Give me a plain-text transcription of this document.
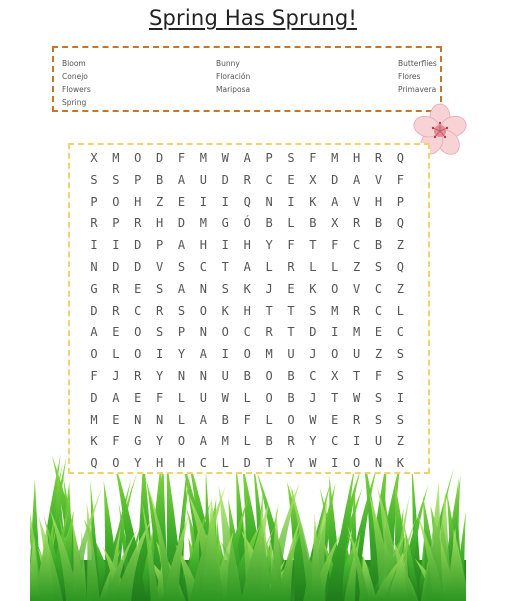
Spring Has Sprung!
Bloom
Conejo
Flowers
Spring
Bunny
Floración
Mariposa
Butterflies
Flores
Primavera
X	M	O	D	F	M	W	A	P	S	F	M	H	R	Q
S	S	P	B	A	U	D	R	C	E	X	D	A	V	F
P	O	H	Z	E	I	I	Q	N	I	K	A	V	H	P
R	P	R	H	D	M	G	Ó	B	L	B	X	R	B	Q
I	I	D	P	A	H	I	H	Y	F	T	F	C	B	Z
N	D	D	V	S	C	T	A	L	R	L	L	Z	S	Q
G	R	E	S	A	N	S	K	J	E	K	O	V	C	Z
D	R	C	R	S	O	K	H	T	T	S	M	R	C	L
A	E	O	S	P	N	O	C	R	T	D	I	M	E	C
O	L	O	I	Y	A	I	O	M	U	J	O	U	Z	S
F	J	R	Y	N	N	U	B	O	B	C	X	T	F	S
D	A	E	F	L	U	W	L	O	B	J	T	W	S	I
M	E	N	N	L	A	B	F	L	O	W	E	R	S	S
K	F	G	Y	O	A	M	L	B	R	Y	C	I	U	Z
Q	O	Y	H	H	C	L	D	T	Y	W	I	O	N	K
